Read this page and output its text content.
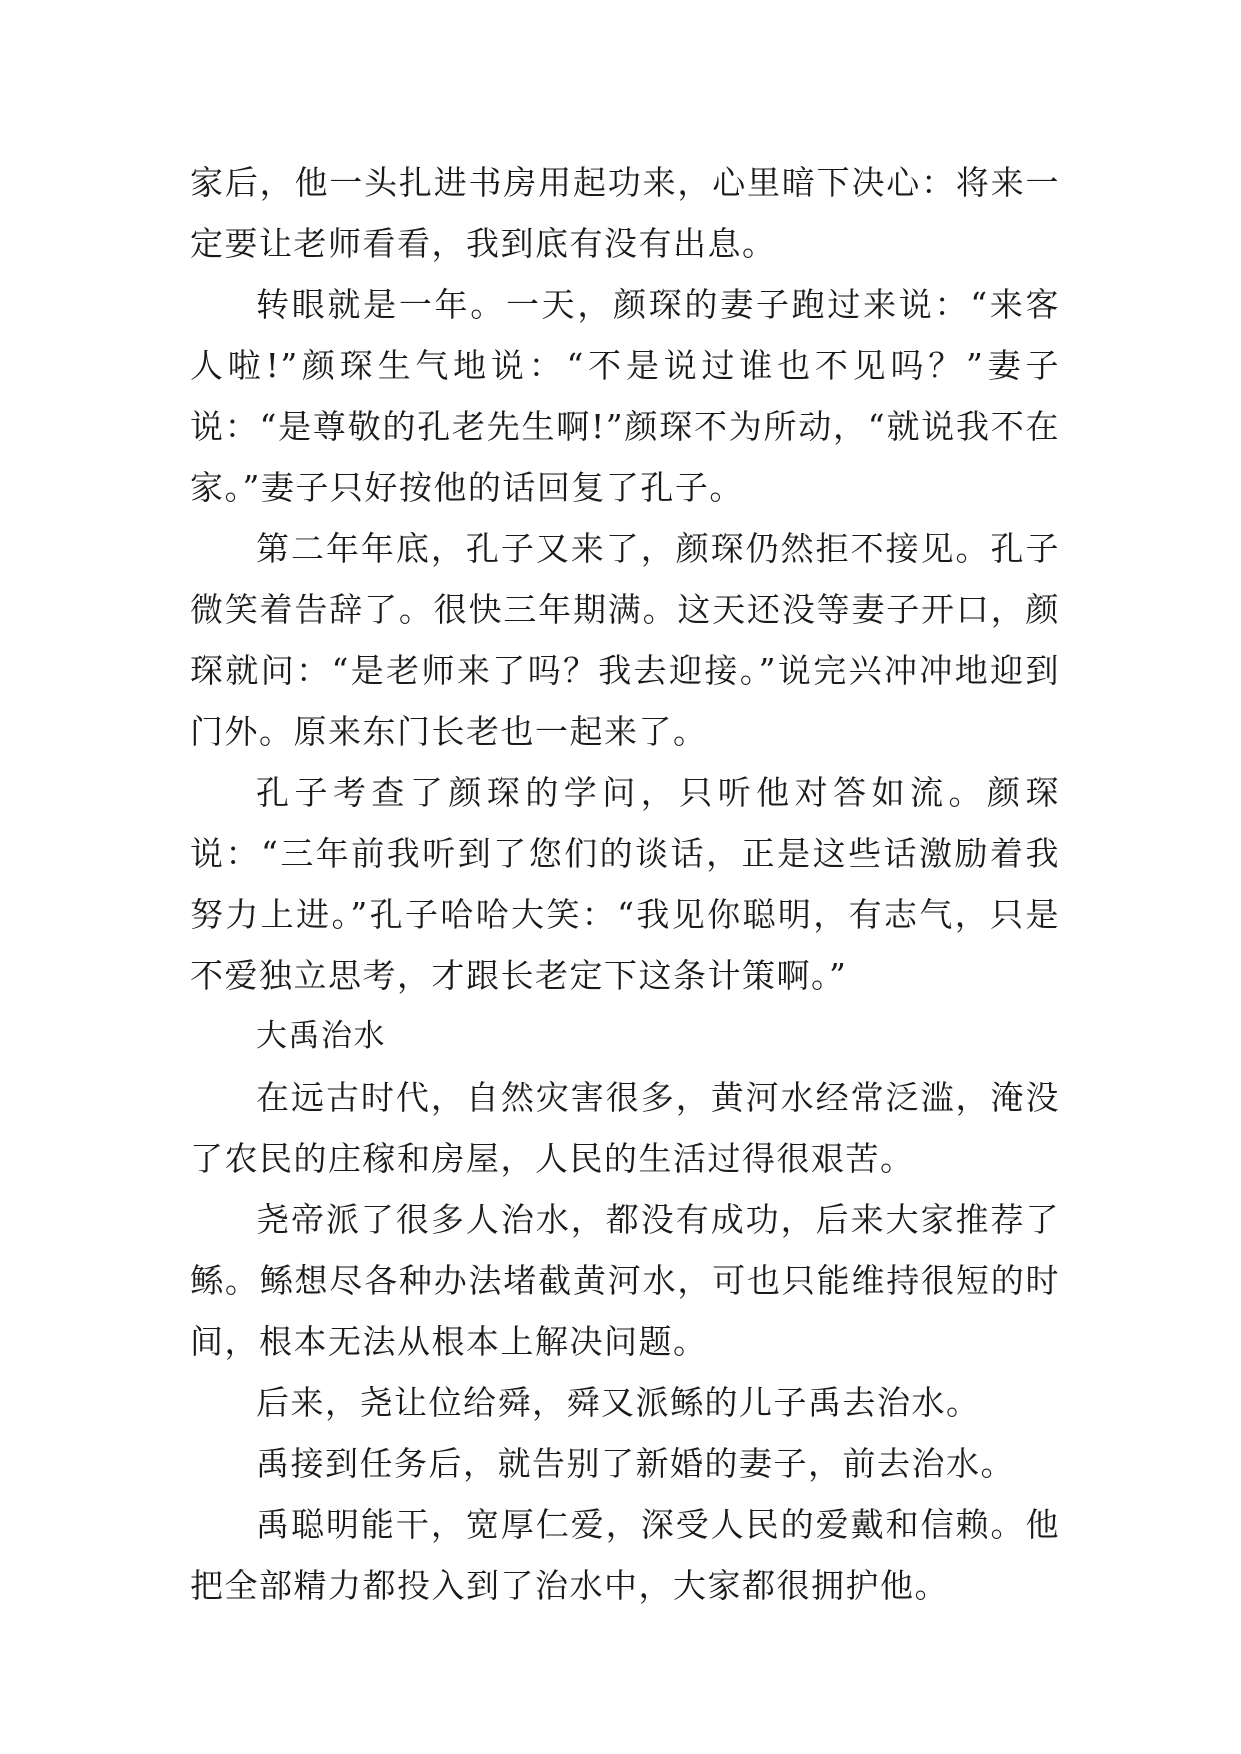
家后，他一头扎进书房用起功来，心里暗下决心：将来一定要让老师看看，我到底有没有出息。

转眼就是一年。一天，颜琛的妻子跑过来说：“来客人啦!”颜琛生气地说：“不是说过谁也不见吗？”妻子说：“是尊敬的孔老先生啊!”颜琛不为所动，“就说我不在家。”妻子只好按他的话回复了孔子。

第二年年底，孔子又来了，颜琛仍然拒不接见。孔子微笑着告辞了。很快三年期满。这天还没等妻子开口，颜琛就问：“是老师来了吗？我去迎接。”说完兴冲冲地迎到门外。原来东门长老也一起来了。

孔子考查了颜琛的学问，只听他对答如流。颜琛说：“三年前我听到了您们的谈话，正是这些话激励着我努力上进。”孔子哈哈大笑：“我见你聪明，有志气，只是不爱独立思考，才跟长老定下这条计策啊。”

大禹治水

在远古时代，自然灾害很多，黄河水经常泛滥，淹没了农民的庄稼和房屋，人民的生活过得很艰苦。

尧帝派了很多人治水，都没有成功，后来大家推荐了鲧。鲧想尽各种办法堵截黄河水，可也只能维持很短的时间，根本无法从根本上解决问题。

后来，尧让位给舜，舜又派鲧的儿子禹去治水。

禹接到任务后，就告别了新婚的妻子，前去治水。

禹聪明能干，宽厚仁爱，深受人民的爱戴和信赖。他把全部精力都投入到了治水中，大家都很拥护他。
